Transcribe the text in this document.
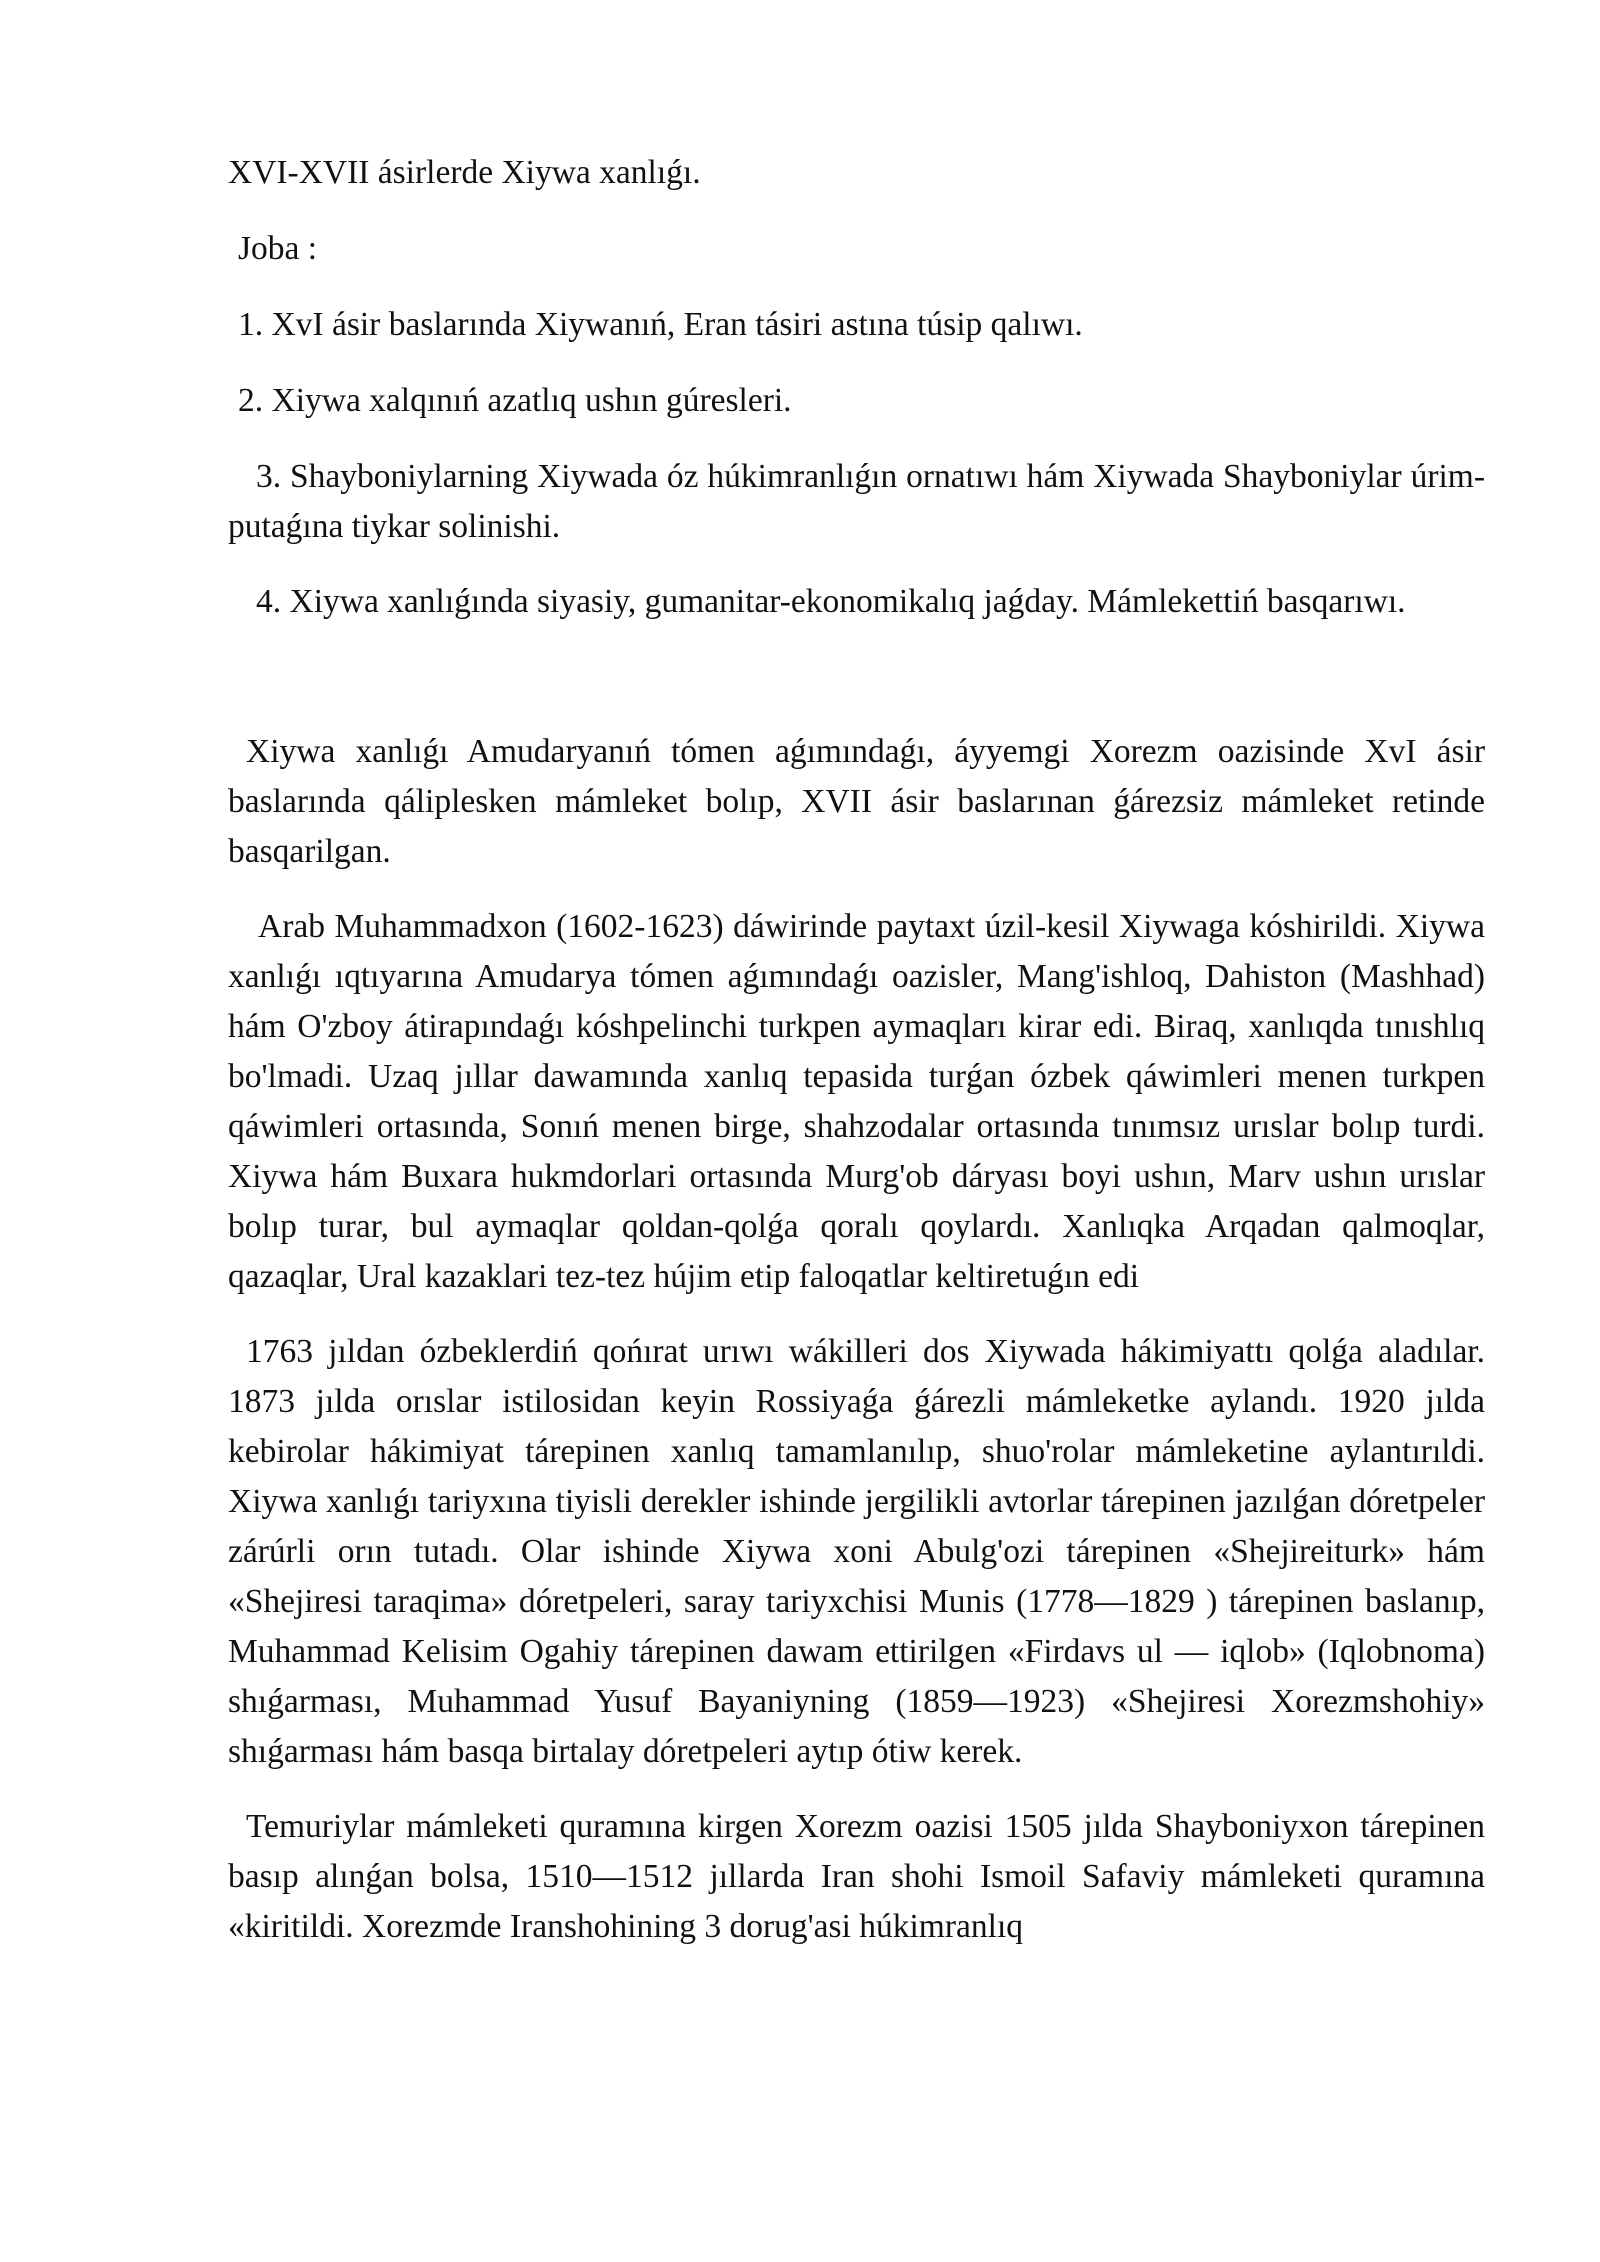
XVI-XVII ásirlerde Xiywa xanlıǵı.

Joba :

1. XvI ásir baslarında Xiywanıń, Eran tásiri astına túsip qalıwı.

2. Xiywa xalqınıń azatlıq ushın gúresleri.

3. Shayboniylarning Xiywada óz húkimranlıǵın ornatıwı hám Xiywada Shayboniylar úrim-putaǵına tiykar solinishi.

4. Xiywa xanlıǵında siyasiy, gumanitar-ekonomikalıq jaǵday. Mámlekettiń basqarıwı.

Xiywa xanlıǵı Amudaryanıń tómen aǵımındaǵı, áyyemgi Xorezm oazisinde XvI ásir baslarında qáliplesken mámleket bolıp, XVII ásir baslarınan ǵárezsiz mámleket retinde basqarilgan.

Arab Muhammadxon (1602-1623) dáwirinde paytaxt úzil-kesil Xiywaga kóshirildi. Xiywa xanlıǵı ıqtıyarına Amudarya tómen aǵımındaǵı oazisler, Mang'ishloq, Dahiston (Mashhad) hám O'zboy átirapındaǵı kóshpelinchi turkpen aymaqları kirar edi. Biraq, xanlıqda tınıshlıq bo'lmadi. Uzaq jıllar dawamında xanlıq tepasida turǵan ózbek qáwimleri menen turkpen qáwimleri ortasında, Sonıń menen birge, shahzodalar ortasında tınımsız urıslar bolıp turdi. Xiywa hám Buxara hukmdorlari ortasında Murg'ob dáryası boyi ushın, Marv ushın urıslar bolıp turar, bul aymaqlar qoldan-qolǵa qoralı qoylardı. Xanlıqka Arqadan qalmoqlar, qazaqlar, Ural kazaklari tez-tez hújim etip faloqatlar keltiretuǵın edi

1763 jıldan ózbeklerdiń qońırat urıwı wákilleri dos Xiywada hákimiyattı qolǵa aladılar. 1873 jılda orıslar istilosidan keyin Rossiyaǵa ǵárezli mámleketke aylandı. 1920 jılda kebirolar hákimiyat tárepinen xanlıq tamamlanılıp, shuo'rolar mámleketine aylantırıldi. Xiywa xanlıǵı tariyxına tiyisli derekler ishinde jergilikli avtorlar tárepinen jazılǵan dóretpeler zárúrli orın tutadı. Olar ishinde Xiywa xoni Abulg'ozi tárepinen «Shejireiturk» hám «Shejiresi taraqima» dóretpeleri, saray tariyxchisi Munis (1778—1829 ) tárepinen baslanıp, Muhammad Kelisim Ogahiy tárepinen dawam ettirilgen «Firdavs ul — iqlob» (Iqlobnoma) shıǵarması, Muhammad Yusuf Bayaniyning (1859—1923) «Shejiresi Xorezmshohiy» shıǵarması hám basqa birtalay dóretpeleri aytıp ótiw kerek.

Temuriylar mámleketi quramına kirgen Xorezm oazisi 1505 jılda Shayboniyxon tárepinen basıp alınǵan bolsa, 1510—1512 jıllarda Iran shohi Ismoil Safaviy mámleketi quramına «kiritildi. Xorezmde Iranshohining 3 dorug'asi húkimranlıq
